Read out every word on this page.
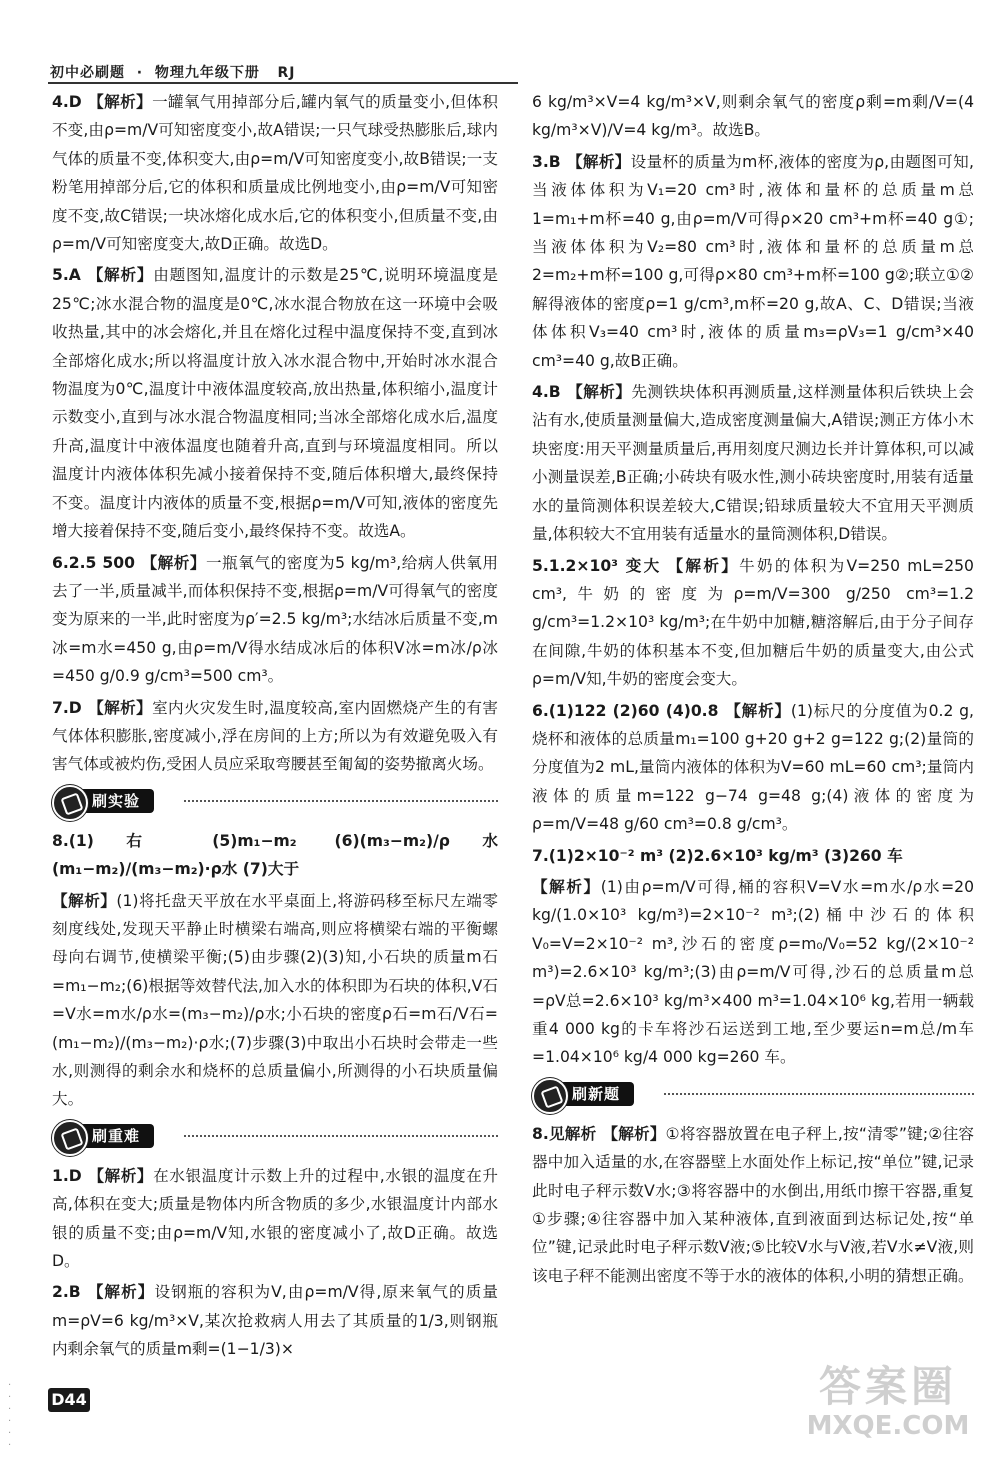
初中必刷题  ·  物理九年级下册 RJ
4.D 【解析】一罐氧气用掉部分后,罐内氧气的质量变小,但体积不变,由ρ=m/V可知密度变小,故A错误;一只气球受热膨胀后,球内气体的质量不变,体积变大,由ρ=m/V可知密度变小,故B错误;一支粉笔用掉部分后,它的体积和质量成比例地变小,由ρ=m/V可知密度不变,故C错误;一块冰熔化成水后,它的体积变小,但质量不变,由ρ=m/V可知密度变大,故D正确。故选D。
5.A 【解析】由题图知,温度计的示数是25℃,说明环境温度是25℃;冰水混合物的温度是0℃,冰水混合物放在这一环境中会吸收热量,其中的冰会熔化,并且在熔化过程中温度保持不变,直到冰全部熔化成水;所以将温度计放入冰水混合物中,开始时冰水混合物温度为0℃,温度计中液体温度较高,放出热量,体积缩小,温度计示数变小,直到与冰水混合物温度相同;当冰全部熔化成水后,温度升高,温度计中液体温度也随着升高,直到与环境温度相同。所以温度计内液体体积先减小接着保持不变,随后体积增大,最终保持不变。温度计内液体的质量不变,根据ρ=m/V可知,液体的密度先增大接着保持不变,随后变小,最终保持不变。故选A。
6.2.5 500 【解析】一瓶氧气的密度为5 kg/m³,给病人供氧用去了一半,质量减半,而体积保持不变,根据ρ=m/V可得氧气的密度变为原来的一半,此时密度为ρ′=2.5 kg/m³;水结冰后质量不变,m冰=m水=450 g,由ρ=m/V得水结成冰后的体积V冰=m冰/ρ冰=450 g/0.9 g/cm³=500 cm³。
7.D 【解析】室内火灾发生时,温度较高,室内固燃烧产生的有害气体体积膨胀,密度减小,浮在房间的上方;所以为有效避免吸入有害气体或被灼伤,受困人员应采取弯腰甚至匍匐的姿势撤离火场。
刷实验
8.(1)右 (5)m₁−m₂ (6)(m₃−m₂)/ρ水 (m₁−m₂)/(m₃−m₂)·ρ水 (7)大于
【解析】(1)将托盘天平放在水平桌面上,将游码移至标尺左端零刻度线处,发现天平静止时横梁右端高,则应将横梁右端的平衡螺母向右调节,使横梁平衡;(5)由步骤(2)(3)知,小石块的质量m石=m₁−m₂;(6)根据等效替代法,加入水的体积即为石块的体积,V石=V水=m水/ρ水=(m₃−m₂)/ρ水;小石块的密度ρ石=m石/V石=(m₁−m₂)/(m₃−m₂)·ρ水;(7)步骤(3)中取出小石块时会带走一些水,则测得的剩余水和烧杯的总质量偏小,所测得的小石块质量偏大。
刷重难
1.D 【解析】在水银温度计示数上升的过程中,水银的温度在升高,体积在变大;质量是物体内所含物质的多少,水银温度计内部水银的质量不变;由ρ=m/V知,水银的密度减小了,故D正确。故选D。
2.B 【解析】设钢瓶的容积为V,由ρ=m/V得,原来氧气的质量m=ρV=6 kg/m³×V,某次抢救病人用去了其质量的1/3,则钢瓶内剩余氧气的质量m剩=(1−1/3)×
6 kg/m³×V=4 kg/m³×V,则剩余氧气的密度ρ剩=m剩/V=(4 kg/m³×V)/V=4 kg/m³。故选B。
3.B 【解析】设量杯的质量为m杯,液体的密度为ρ,由题图可知,当液体体积为V₁=20 cm³时,液体和量杯的总质量m总1=m₁+m杯=40 g,由ρ=m/V可得ρ×20 cm³+m杯=40 g①;当液体体积为V₂=80 cm³时,液体和量杯的总质量m总2=m₂+m杯=100 g,可得ρ×80 cm³+m杯=100 g②;联立①②解得液体的密度ρ=1 g/cm³,m杯=20 g,故A、C、D错误;当液体体积V₃=40 cm³时,液体的质量m₃=ρV₃=1 g/cm³×40 cm³=40 g,故B正确。
4.B 【解析】先测铁块体积再测质量,这样测量体积后铁块上会沾有水,使质量测量偏大,造成密度测量偏大,A错误;测正方体小木块密度:用天平测量质量后,再用刻度尺测边长并计算体积,可以减小测量误差,B正确;小砖块有吸水性,测小砖块密度时,用装有适量水的量筒测体积误差较大,C错误;铅球质量较大不宜用天平测质量,体积较大不宜用装有适量水的量筒测体积,D错误。
5.1.2×10³ 变大 【解析】牛奶的体积为V=250 mL=250 cm³,牛奶的密度为ρ=m/V=300 g/250 cm³=1.2 g/cm³=1.2×10³ kg/m³;在牛奶中加糖,糖溶解后,由于分子间存在间隙,牛奶的体积基本不变,但加糖后牛奶的质量变大,由公式ρ=m/V知,牛奶的密度会变大。
6.(1)122 (2)60 (4)0.8 【解析】(1)标尺的分度值为0.2 g,烧杯和液体的总质量m₁=100 g+20 g+2 g=122 g;(2)量筒的分度值为2 mL,量筒内液体的体积为V=60 mL=60 cm³;量筒内液体的质量m=122 g−74 g=48 g;(4)液体的密度为ρ=m/V=48 g/60 cm³=0.8 g/cm³。
7.(1)2×10⁻² m³ (2)2.6×10³ kg/m³ (3)260 车
【解析】(1)由ρ=m/V可得,桶的容积V=V水=m水/ρ水=20 kg/(1.0×10³ kg/m³)=2×10⁻² m³;(2)桶中沙石的体积V₀=V=2×10⁻² m³,沙石的密度ρ=m₀/V₀=52 kg/(2×10⁻² m³)=2.6×10³ kg/m³;(3)由ρ=m/V可得,沙石的总质量m总=ρV总=2.6×10³ kg/m³×400 m³=1.04×10⁶ kg,若用一辆载重4 000 kg的卡车将沙石运送到工地,至少要运n=m总/m车=1.04×10⁶ kg/4 000 kg=260 车。
刷新题
8.见解析 【解析】①将容器放置在电子秤上,按“清零”键;②往容器中加入适量的水,在容器壁上水面处作上标记,按“单位”键,记录此时电子秤示数V水;③将容器中的水倒出,用纸巾擦干容器,重复①步骤;④往容器中加入某种液体,直到液面到达标记处,按“单位”键,记录此时电子秤示数V液;⑤比较V水与V液,若V水≠V液,则该电子秤不能测出密度不等于水的液体的体积,小明的猜想正确。
·
·
·
·
·
·
D44	答案圈
MXQE.COM
